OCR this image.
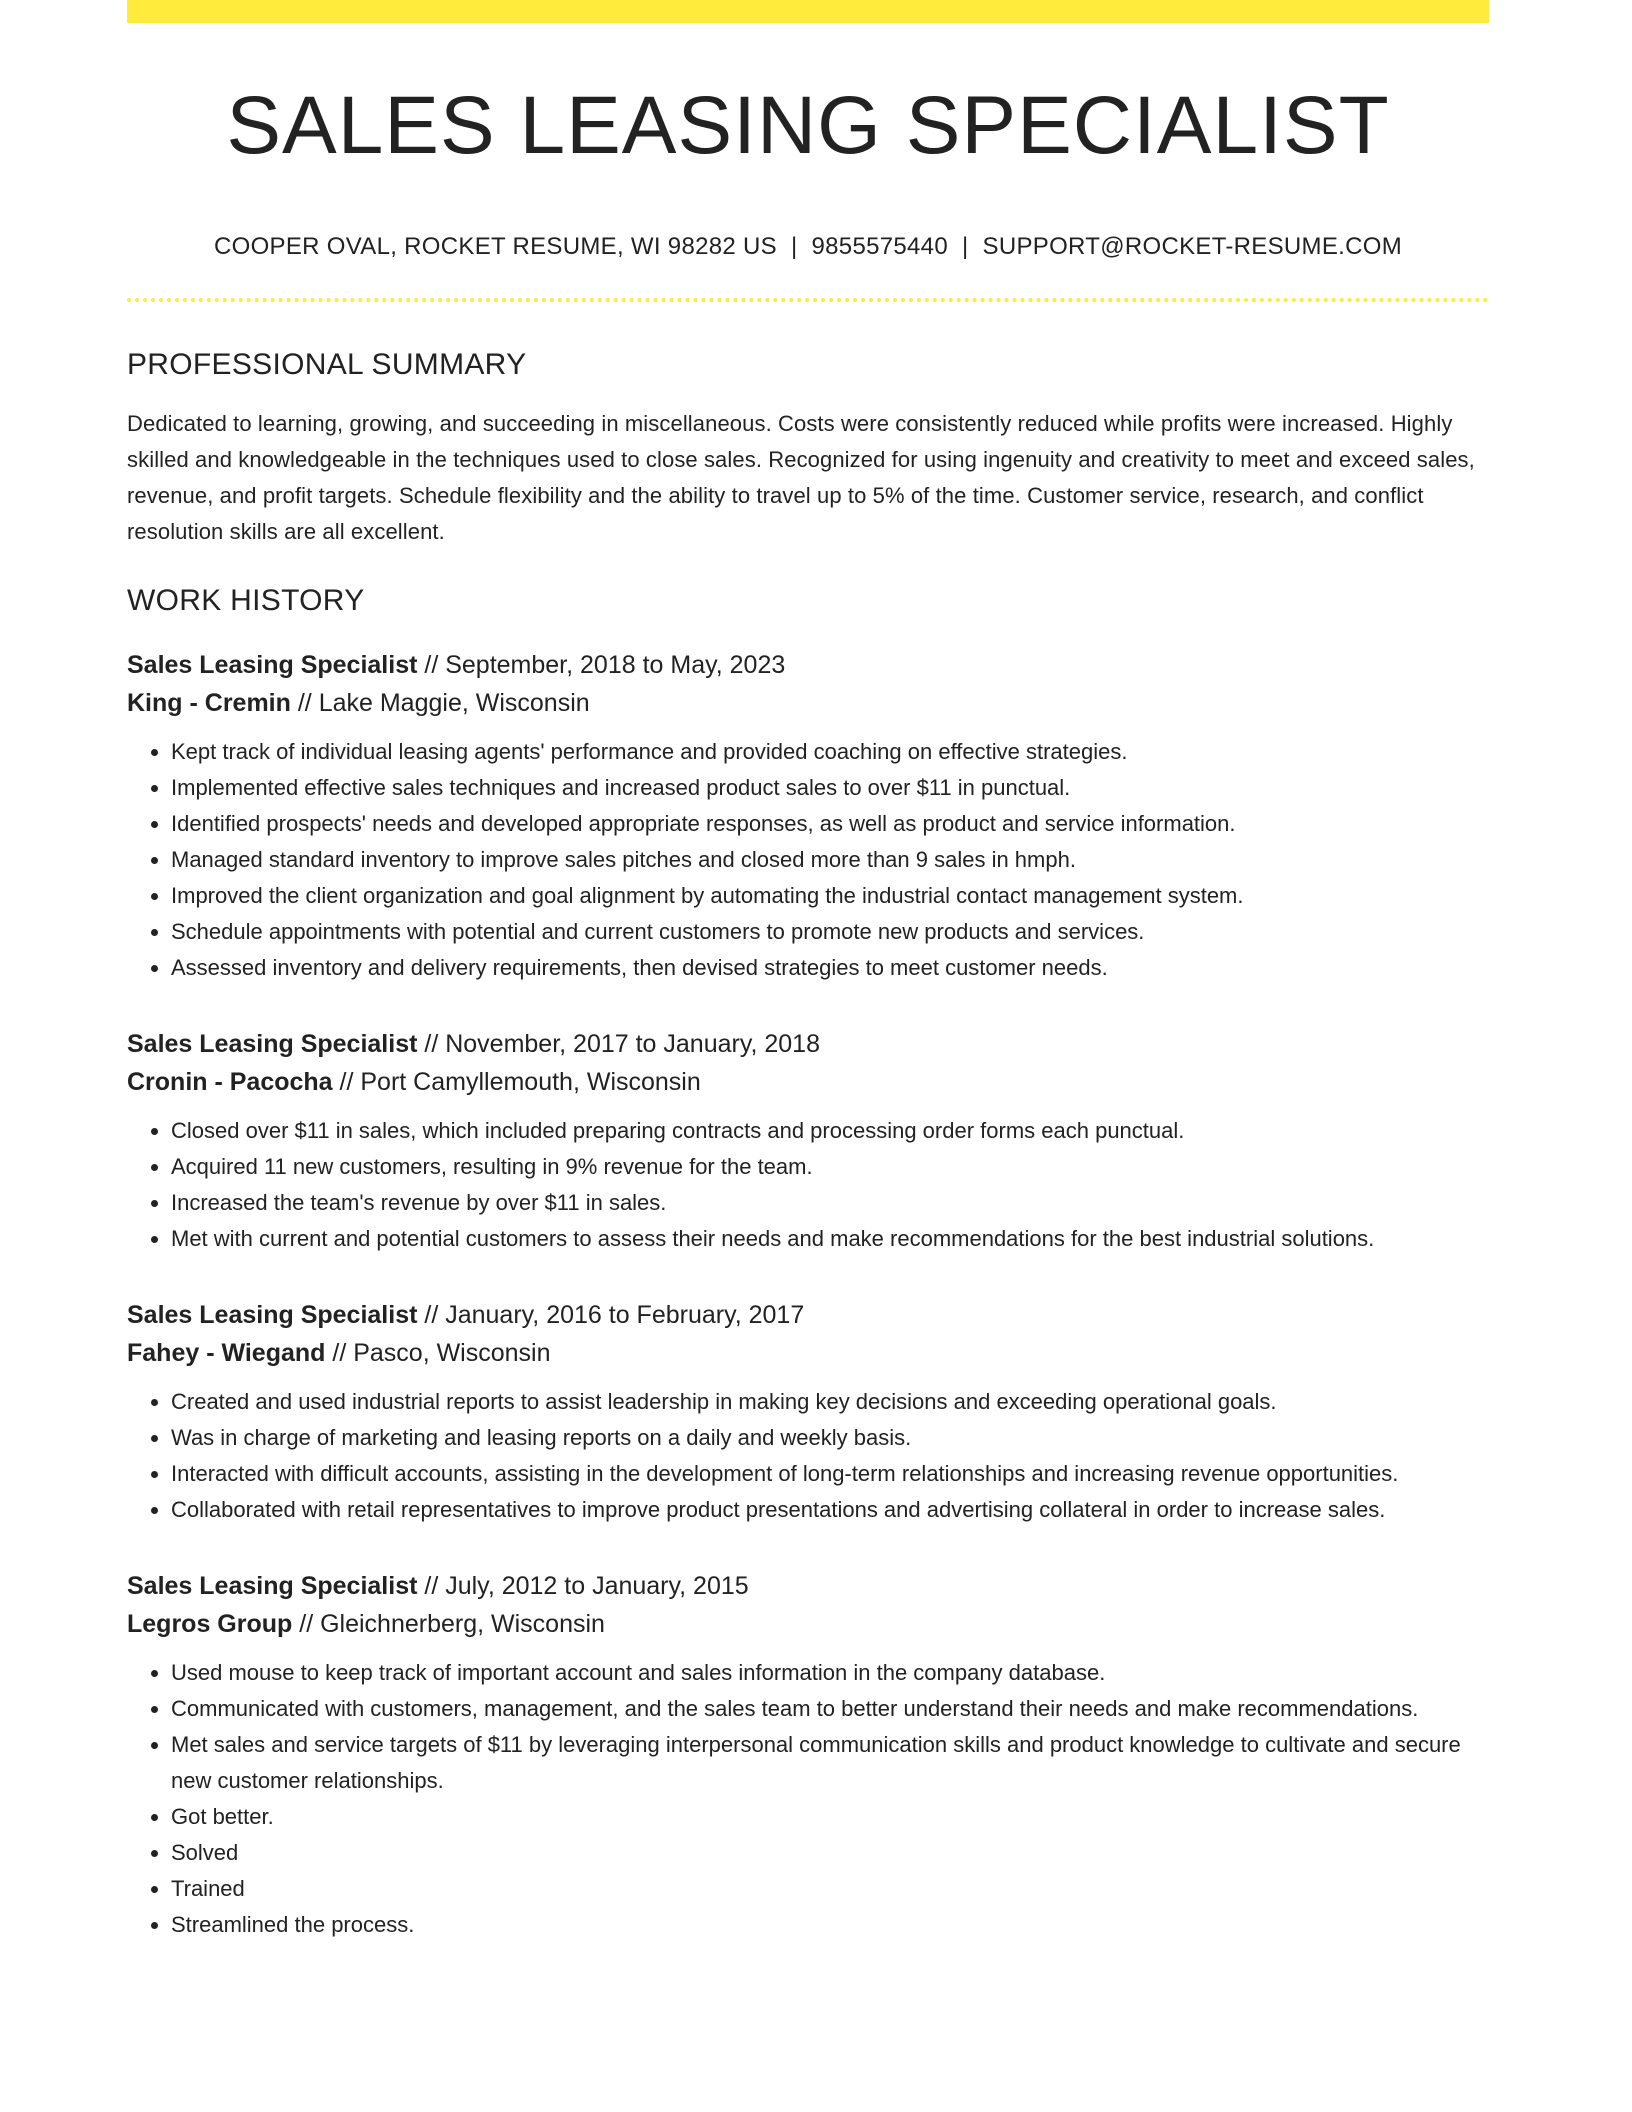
SALES LEASING SPECIALIST
COOPER OVAL, ROCKET RESUME, WI 98282 US | 9855575440 | SUPPORT@ROCKET-RESUME.COM
PROFESSIONAL SUMMARY

Dedicated to learning, growing, and succeeding in miscellaneous. Costs were consistently reduced while profits were increased. Highly skilled and knowledgeable in the techniques used to close sales. Recognized for using ingenuity and creativity to meet and exceed sales, revenue, and profit targets. Schedule flexibility and the ability to travel up to 5% of the time. Customer service, research, and conflict resolution skills are all excellent.

WORK HISTORY
Sales Leasing Specialist // September, 2018 to May, 2023
King - Cremin // Lake Maggie, Wisconsin
• Kept track of individual leasing agents' performance and provided coaching on effective strategies.
• Implemented effective sales techniques and increased product sales to over $11 in punctual.
• Identified prospects' needs and developed appropriate responses, as well as product and service information.
• Managed standard inventory to improve sales pitches and closed more than 9 sales in hmph.
• Improved the client organization and goal alignment by automating the industrial contact management system.
• Schedule appointments with potential and current customers to promote new products and services.
• Assessed inventory and delivery requirements, then devised strategies to meet customer needs.
Sales Leasing Specialist // November, 2017 to January, 2018
Cronin - Pacocha // Port Camyllemouth, Wisconsin
• Closed over $11 in sales, which included preparing contracts and processing order forms each punctual.
• Acquired 11 new customers, resulting in 9% revenue for the team.
• Increased the team's revenue by over $11 in sales.
• Met with current and potential customers to assess their needs and make recommendations for the best industrial solutions.
Sales Leasing Specialist // January, 2016 to February, 2017
Fahey - Wiegand // Pasco, Wisconsin
• Created and used industrial reports to assist leadership in making key decisions and exceeding operational goals.
• Was in charge of marketing and leasing reports on a daily and weekly basis.
• Interacted with difficult accounts, assisting in the development of long-term relationships and increasing revenue opportunities.
• Collaborated with retail representatives to improve product presentations and advertising collateral in order to increase sales.
Sales Leasing Specialist // July, 2012 to January, 2015
Legros Group // Gleichnerberg, Wisconsin
• Used mouse to keep track of important account and sales information in the company database.
• Communicated with customers, management, and the sales team to better understand their needs and make recommendations.
• Met sales and service targets of $11 by leveraging interpersonal communication skills and product knowledge to cultivate and secure new customer relationships.
• Got better.
• Solved
• Trained
• Streamlined the process.
